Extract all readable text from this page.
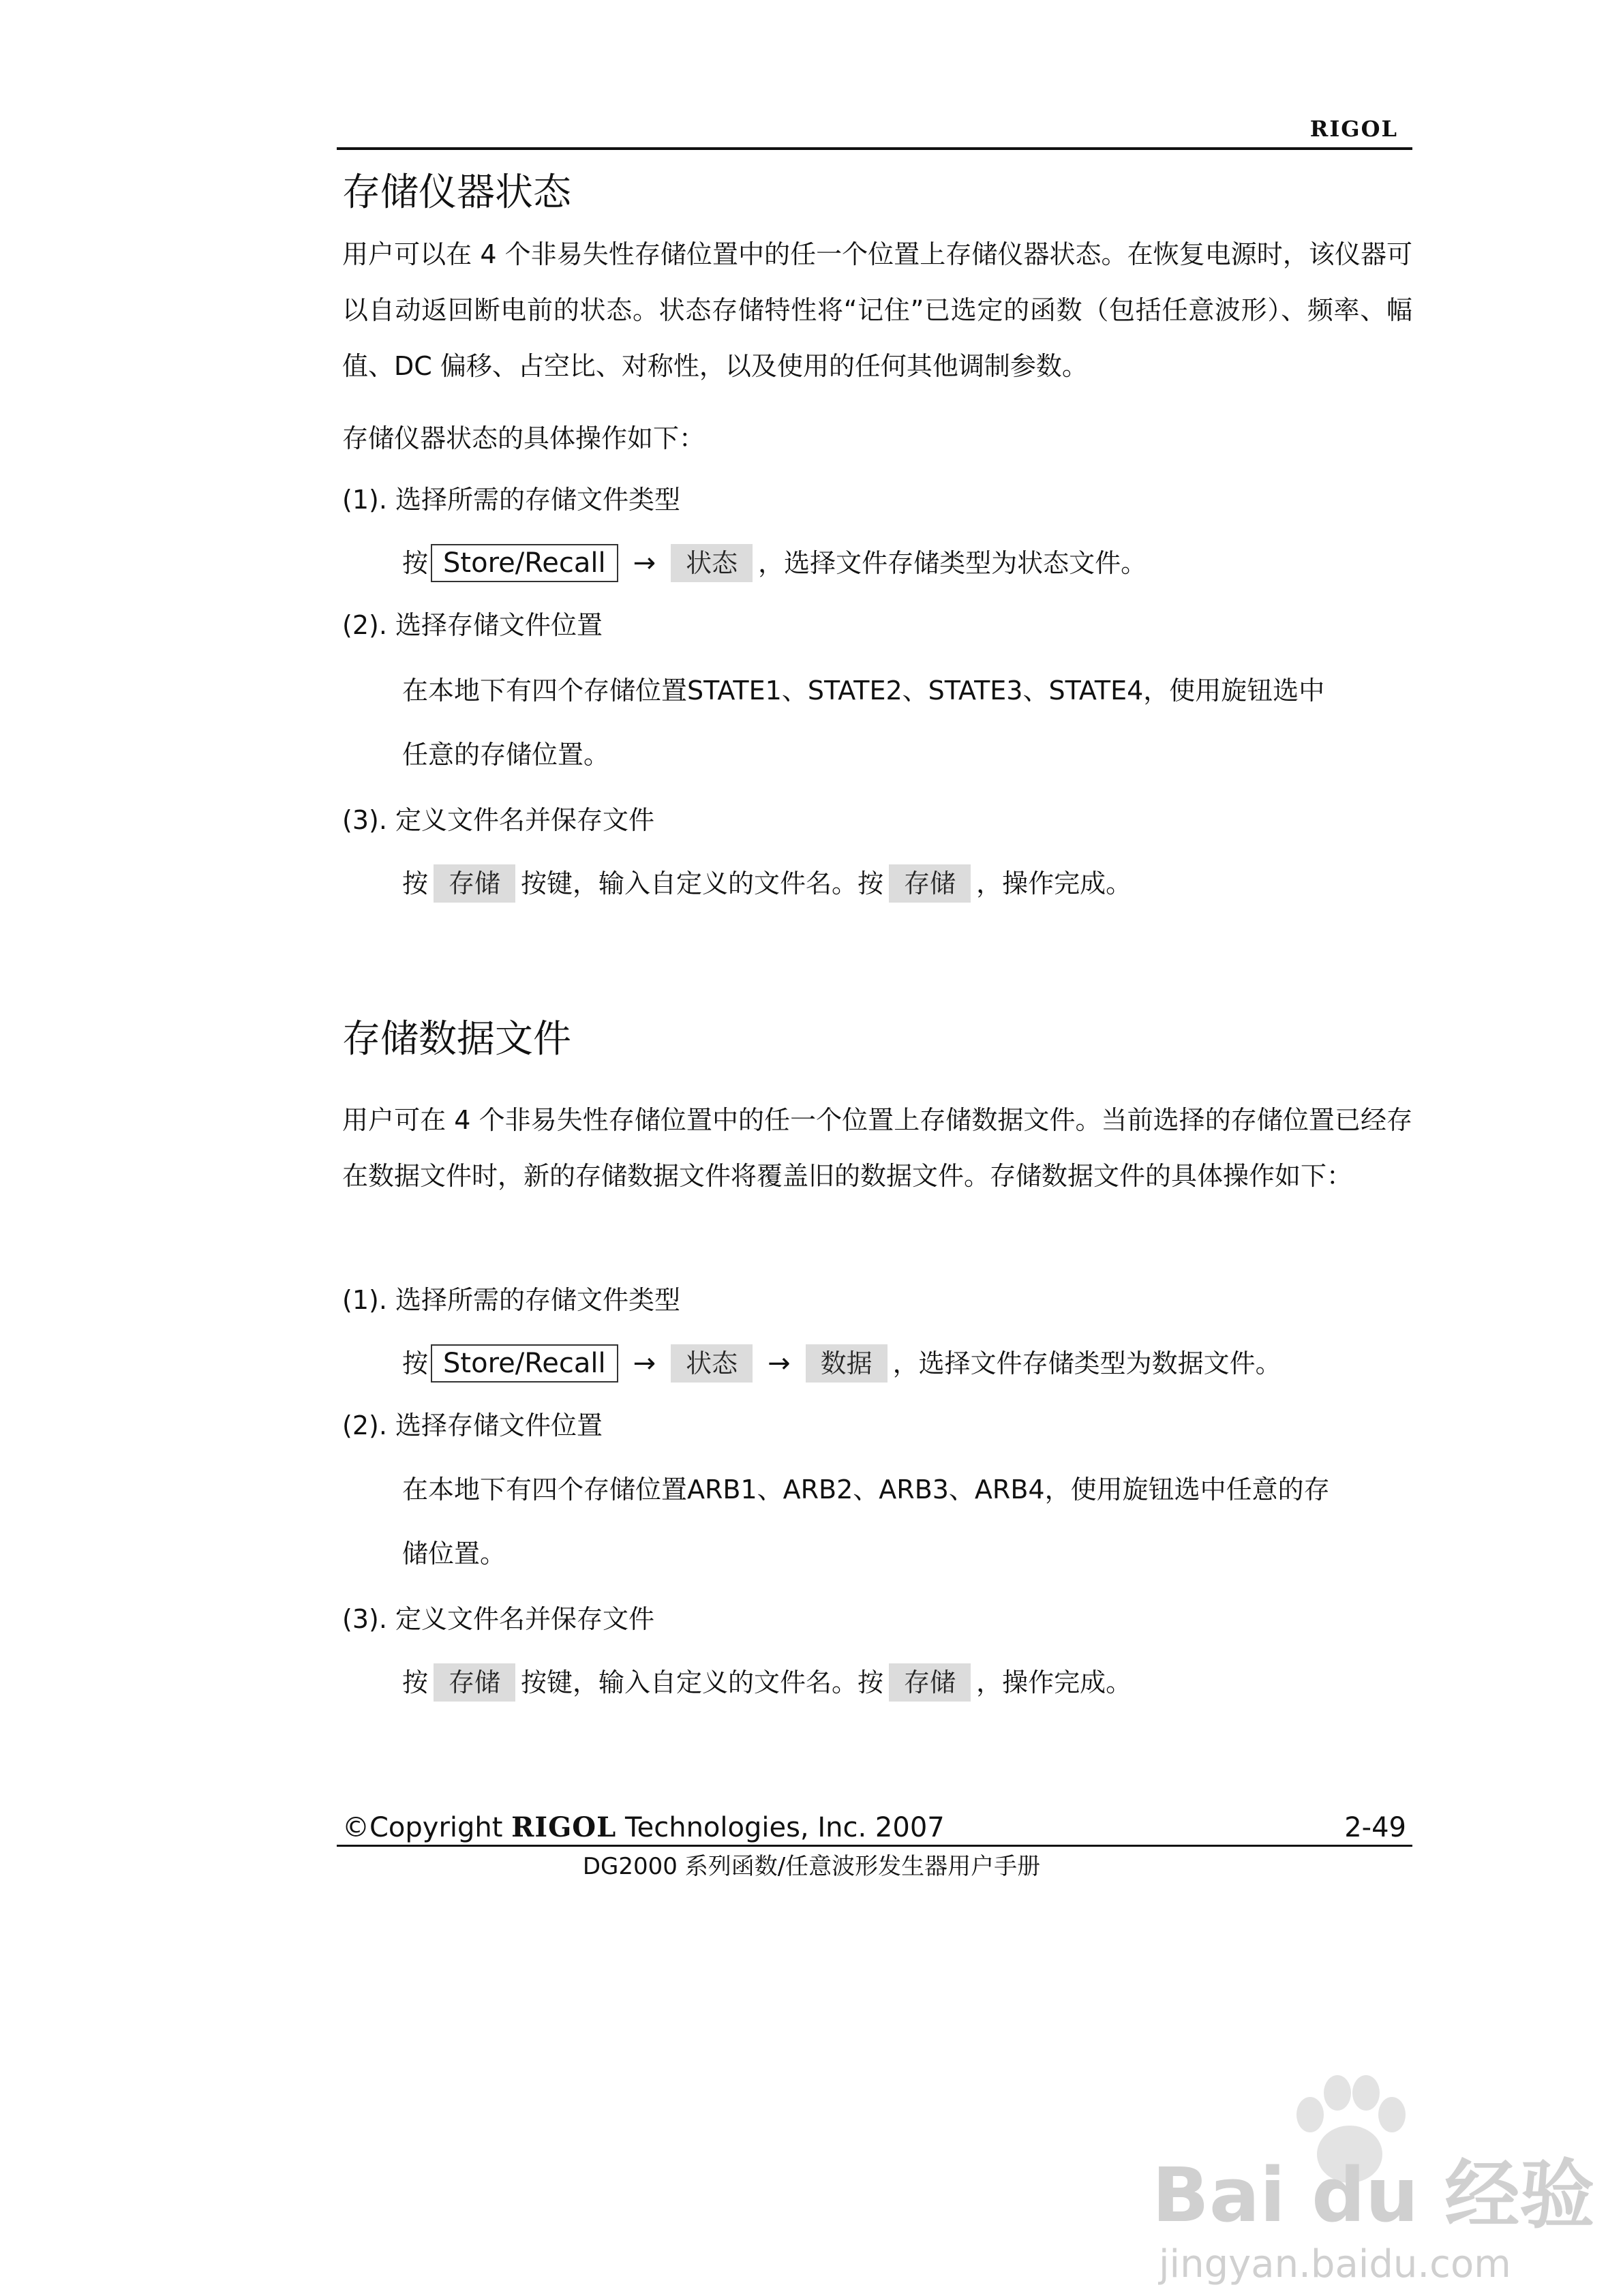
RIGOL
存储仪器状态

用户可以在 4 个非易失性存储位置中的任一个位置上存储仪器状态。在恢复电源时，该仪器可以自动返回断电前的状态。状态存储特性将“记住”已选定的函数（包括任意波形）、频率、幅值、DC 偏移、占空比、对称性，以及使用的任何其他调制参数。

存储仪器状态的具体操作如下：
(1). 选择所需的存储文件类型
按 Store/Recall → 状态 ，选择文件存储类型为状态文件。
(2). 选择存储文件位置
在本地下有四个存储位置STATE1、STATE2、STATE3、STATE4，使用旋钮选中
任意的存储位置。
(3). 定义文件名并保存文件
按 存储 按键，输入自定义的文件名。按 存储 ，操作完成。
存储数据文件

用户可在 4 个非易失性存储位置中的任一个位置上存储数据文件。当前选择的存储位置已经存在数据文件时，新的存储数据文件将覆盖旧的数据文件。存储数据文件的具体操作如下：

(1). 选择所需的存储文件类型
按 Store/Recall → 状态 → 数据 ，选择文件存储类型为数据文件。
(2). 选择存储文件位置
在本地下有四个存储位置ARB1、ARB2、ARB3、ARB4，使用旋钮选中任意的存
储位置。
(3). 定义文件名并保存文件
按 存储 按键，输入自定义的文件名。按 存储 ，操作完成。
©Copyright RIGOL Technologies, Inc. 2007	2-49
DG2000 系列函数/任意波形发生器用户手册
Bai du 经验
jingyan.baidu.com
